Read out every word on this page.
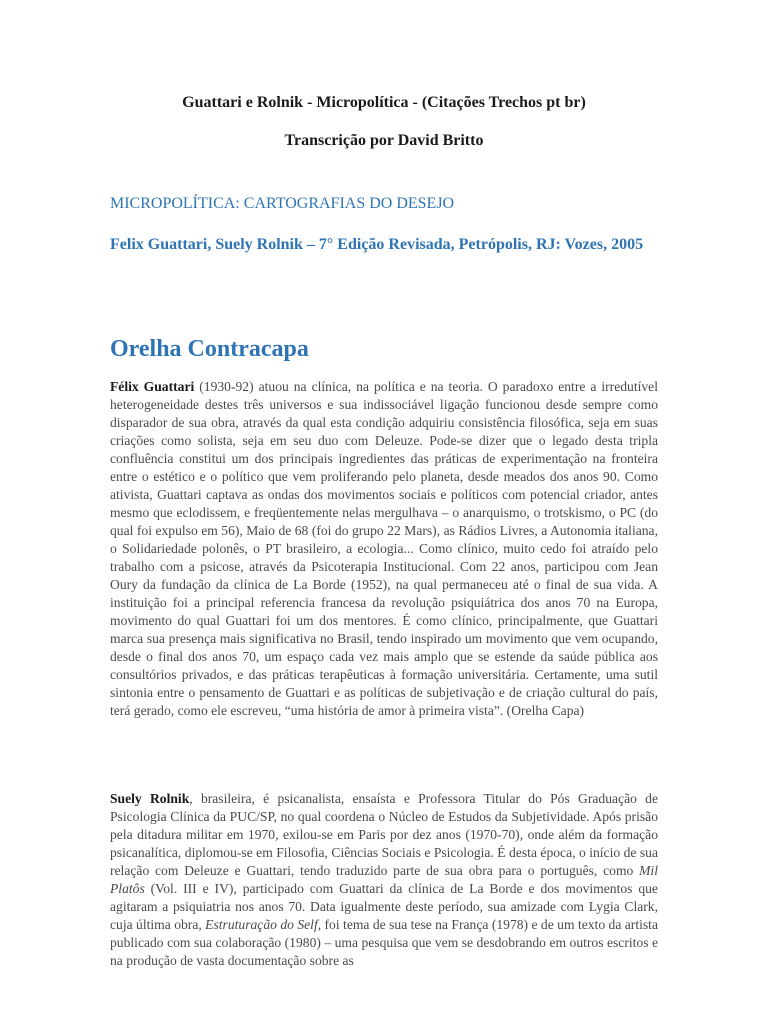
Guattari e Rolnik - Micropolítica - (Citações Trechos pt br)

Transcrição por David Britto

MICROPOLÍTICA: CARTOGRAFIAS DO DESEJO

Felix Guattari, Suely Rolnik – 7° Edição Revisada, Petrópolis, RJ: Vozes, 2005

Orelha Contracapa

Félix Guattari (1930-92) atuou na clínica, na política e na teoria. O paradoxo entre a irredutível heterogeneidade destes três universos e sua indissociável ligação funcionou desde sempre como disparador de sua obra, através da qual esta condição adquiriu consistência filosófica, seja em suas criações como solista, seja em seu duo com Deleuze. Pode-se dizer que o legado desta tripla confluência constitui um dos principais ingredientes das práticas de experimentação na fronteira entre o estético e o político que vem proliferando pelo planeta, desde meados dos anos 90. Como ativista, Guattari captava as ondas dos movimentos sociais e políticos com potencial criador, antes mesmo que eclodissem, e freqüentemente nelas mergulhava – o anarquismo, o trotskismo, o PC (do qual foi expulso em 56), Maio de 68 (foi do grupo 22 Mars), as Rádios Livres, a Autonomia italiana, o Solidariedade polonês, o PT brasileiro, a ecologia... Como clínico, muito cedo foi atraído pelo trabalho com a psicose, através da Psicoterapia Institucional. Com 22 anos, participou com Jean Oury da fundação da clínica de La Borde (1952), na qual permaneceu até o final de sua vida. A instituição foi a principal referencia francesa da revolução psiquiátrica dos anos 70 na Europa, movimento do qual Guattari foi um dos mentores. É como clínico, principalmente, que Guattari marca sua presença mais significativa no Brasil, tendo inspirado um movimento que vem ocupando, desde o final dos anos 70, um espaço cada vez mais amplo que se estende da saúde pública aos consultórios privados, e das práticas terapêuticas à formação universitária. Certamente, uma sutil sintonia entre o pensamento de Guattari e as políticas de subjetivação e de criação cultural do país, terá gerado, como ele escreveu, “uma história de amor à primeira vista”. (Orelha Capa)

Suely Rolnik, brasileira, é psicanalista, ensaísta e Professora Titular do Pós Graduação de Psicologia Clínica da PUC/SP, no qual coordena o Núcleo de Estudos da Subjetividade. Após prisão pela ditadura militar em 1970, exilou-se em Paris por dez anos (1970-70), onde além da formação psicanalítica, diplomou-se em Filosofia, Ciências Sociais e Psicologia. É desta época, o início de sua relação com Deleuze e Guattari, tendo traduzido parte de sua obra para o português, como Mil Platôs (Vol. III e IV), participado com Guattari da clínica de La Borde e dos movimentos que agitaram a psiquiatria nos anos 70. Data igualmente deste período, sua amizade com Lygia Clark, cuja última obra, Estruturação do Self, foi tema de sua tese na França (1978) e de um texto da artista publicado com sua colaboração (1980) – uma pesquisa que vem se desdobrando em outros escritos e na produção de vasta documentação sobre as
